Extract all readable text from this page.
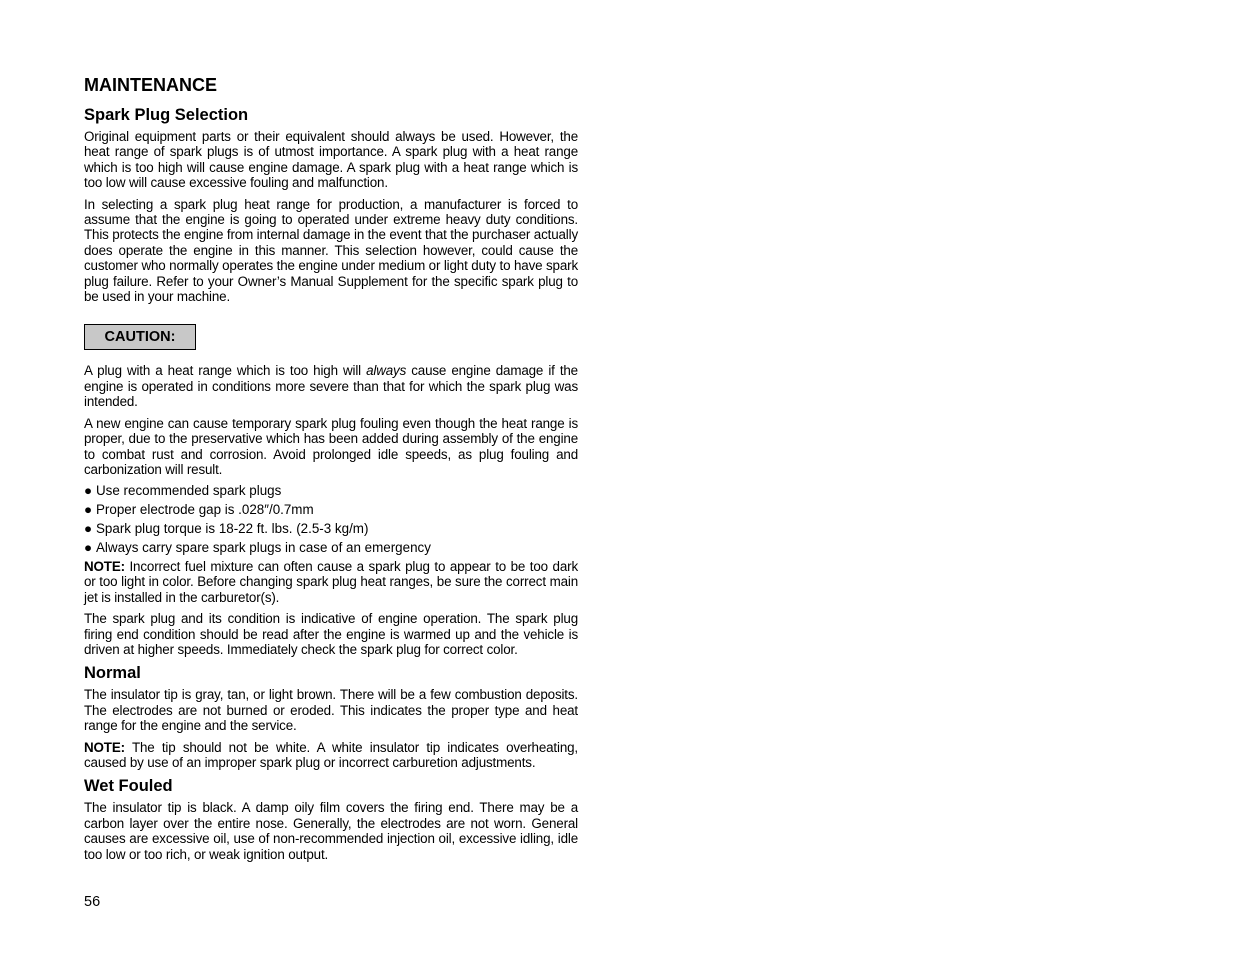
MAINTENANCE
Spark Plug Selection

Original equipment parts or their equivalent should always be used. However, the heat range of spark plugs is of utmost importance. A spark plug with a heat range which is too high will cause engine damage. A spark plug with a heat range which is too low will cause excessive fouling and malfunction.

In selecting a spark plug heat range for production, a manufacturer is forced to assume that the engine is going to operated under extreme heavy duty conditions. This protects the engine from internal damage in the event that the purchaser actually does operate the engine in this manner. This selection however, could cause the customer who normally operates the engine under medium or light duty to have spark plug failure. Refer to your Owner’s Manual Supplement for the specific spark plug to be used in your machine.

CAUTION:

A plug with a heat range which is too high will always cause engine damage if the engine is operated in conditions more severe than that for which the spark plug was intended.

A new engine can cause temporary spark plug fouling even though the heat range is proper, due to the preservative which has been added during assembly of the engine to combat rust and corrosion. Avoid prolonged idle speeds, as plug fouling and carbonization will result.

● Use recommended spark plugs
● Proper electrode gap is .028″/0.7mm
● Spark plug torque is 18-22 ft. lbs. (2.5-3 kg/m)
● Always carry spare spark plugs in case of an emergency

NOTE: Incorrect fuel mixture can often cause a spark plug to appear to be too dark or too light in color. Before changing spark plug heat ranges, be sure the correct main jet is installed in the carburetor(s).

The spark plug and its condition is indicative of engine operation. The spark plug firing end condition should be read after the engine is warmed up and the vehicle is driven at higher speeds. Immediately check the spark plug for correct color.

Normal

The insulator tip is gray, tan, or light brown. There will be a few combustion deposits. The electrodes are not burned or eroded. This indicates the proper type and heat range for the engine and the service.

NOTE: The tip should not be white. A white insulator tip indicates overheating, caused by use of an improper spark plug or incorrect carburetion adjustments.

Wet Fouled

The insulator tip is black. A damp oily film covers the firing end. There may be a carbon layer over the entire nose. Generally, the electrodes are not worn. General causes are excessive oil, use of non-recommended injection oil, excessive idling, idle too low or too rich, or weak ignition output.

56
